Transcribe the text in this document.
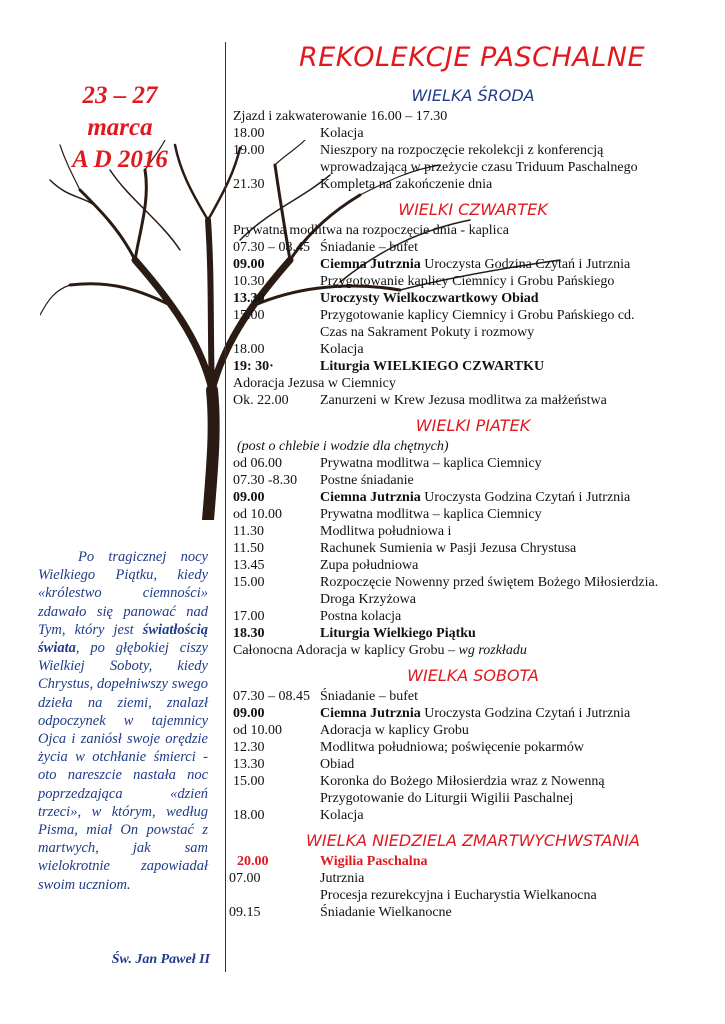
23 – 27
marca
A D 2016
Po tragicznej nocy Wielkiego Piątku, kiedy «królestwo ciemności» zdawało się panować nad Tym, który jest światłością świata, po głębokiej ciszy Wielkiej Soboty, kiedy Chrystus, dopełniwszy swego dzieła na ziemi, znalazł odpoczynek w tajemnicy Ojca i zaniósł swoje orędzie życia w otchłanie śmierci - oto nareszcie nastała noc poprzedzająca «dzień trzeci», w którym, według Pisma, miał On powstać z martwych, jak sam wielokrotnie zapowiadał swoim uczniom.
Św. Jan Paweł II
REKOLEKCJE PASCHALNE
WIELKA ŚRODA
Zjazd i zakwaterowanie 16.00 – 17.30
18.00	Kolacja
19.00	Nieszpory na rozpoczęcie rekolekcji z konferencją
wprowadzającą w przeżycie czasu Triduum Paschalnego
21.30	Kompleta na zakończenie dnia
WIELKI CZWARTEK
Prywatna modlitwa na rozpoczęcie dnia - kaplica
07.30 – 08.45 Śniadanie – bufet
09.00	Ciemna Jutrznia Uroczysta Godzina Czytań i Jutrznia
10.30	Przygotowanie kaplicy Ciemnicy i Grobu Pańskiego
13.30	Uroczysty Wielkoczwartkowy Obiad
15.00	Przygotowanie kaplicy Ciemnicy i Grobu Pańskiego cd.
Czas na Sakrament Pokuty i rozmowy
18.00	Kolacja
19: 30·	Liturgia WIELKIEGO CZWARTKU
Adoracja Jezusa w Ciemnicy
Ok. 22.00 Zanurzeni w Krew Jezusa modlitwa za małżeństwa
WIELKI PIATEK
(post o chlebie i wodzie dla chętnych)
od 06.00	Prywatna modlitwa – kaplica Ciemnicy
07.30 -8.30 Postne śniadanie
09.00	Ciemna Jutrznia Uroczysta Godzina Czytań i Jutrznia
od 10.00	Prywatna modlitwa – kaplica Ciemnicy
11.30	Modlitwa południowa i
11.50	Rachunek Sumienia w Pasji Jezusa Chrystusa
13.45	Zupa południowa
15.00	Rozpoczęcie Nowenny przed świętem Bożego Miłosierdzia.
Droga Krzyżowa
17.00	Postna kolacja
18.30	Liturgia Wielkiego Piątku
Całonocna Adoracja w kaplicy Grobu – wg rozkładu
WIELKA SOBOTA
07.30 – 08.45 Śniadanie – bufet
09.00	Ciemna Jutrznia Uroczysta Godzina Czytań i Jutrznia
od 10.00	Adoracja w kaplicy Grobu
12.30	Modlitwa południowa; poświęcenie pokarmów
13.30	Obiad
15.00	Koronka do Bożego Miłosierdzia wraz z Nowenną
Przygotowanie do Liturgii Wigilii Paschalnej
18.00	Kolacja
WIELKA NIEDZIELA ZMARTWYCHWSTANIA
20.00	Wigilia Paschalna
07.00	Jutrznia
Procesja rezurekcyjna i Eucharystia Wielkanocna
09.15	Śniadanie Wielkanocne
